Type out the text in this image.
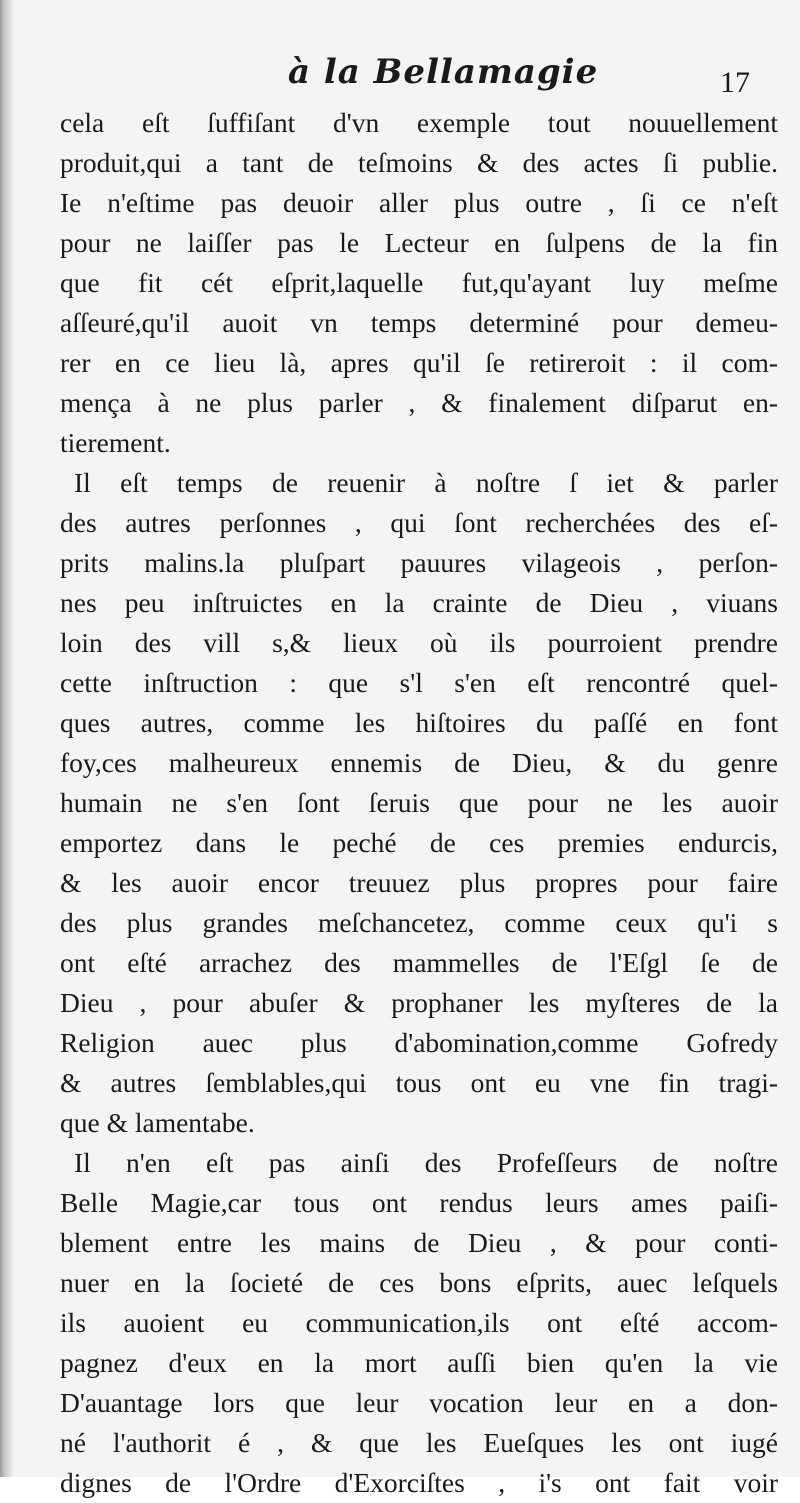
à la Bellamagie	17
cela eſt ſuffiſant d'vn exemple tout nouuellement
produit,qui a tant de teſmoins & des actes ſi publie.
Ie n'eſtime pas deuoir aller plus outre , ſi ce n'eſt
pour ne laiſſer pas le Lecteur en ſulpens de la fin
que fit cét eſprit,laquelle fut,qu'ayant luy meſme
aſſeuré,qu'il auoit vn temps determiné pour demeu-
rer en ce lieu là, apres qu'il ſe retireroit : il com-
mença à ne plus parler , & finalement diſparut en-
tierement.
Il eſt temps de reuenir à noſtre ſ iet & parler
des autres perſonnes , qui ſont recherchées des eſ-
prits malins.la pluſpart pauures vilageois , perſon-
nes peu inſtruictes en la crainte de Dieu , viuans
loin des vill s,& lieux où ils pourroient prendre
cette inſtruction : que s'l s'en eſt rencontré quel-
ques autres, comme les hiſtoires du paſſé en font
foy,ces malheureux ennemis de Dieu, & du genre
humain ne s'en ſont ſeruis que pour ne les auoir
emportez dans le peché de ces premies endurcis,
& les auoir encor treuuez plus propres pour faire
des plus grandes meſchancetez, comme ceux qu'i s
ont eſté arrachez des mammelles de l'Eſgl ſe de
Dieu , pour abuſer & prophaner les myſteres de la
Religion auec plus d'abomination,comme Gofredy
& autres ſemblables,qui tous ont eu vne fin tragi-
que & lamentabe.
Il n'en eſt pas ainſi des Profeſſeurs de noſtre
Belle Magie,car tous ont rendus leurs ames paiſi-
blement entre les mains de Dieu , & pour conti-
nuer en la ſocieté de ces bons eſprits, auec leſquels
ils auoient eu communication,ils ont eſté accom-
pagnez d'eux en la mort auſſi bien qu'en la vie
D'auantage lors que leur vocation leur en a don-
né l'authorit é , & que les Eueſques les ont iugé
dignes de l'Ordre d'Exorciſtes , i's ont fait voir
